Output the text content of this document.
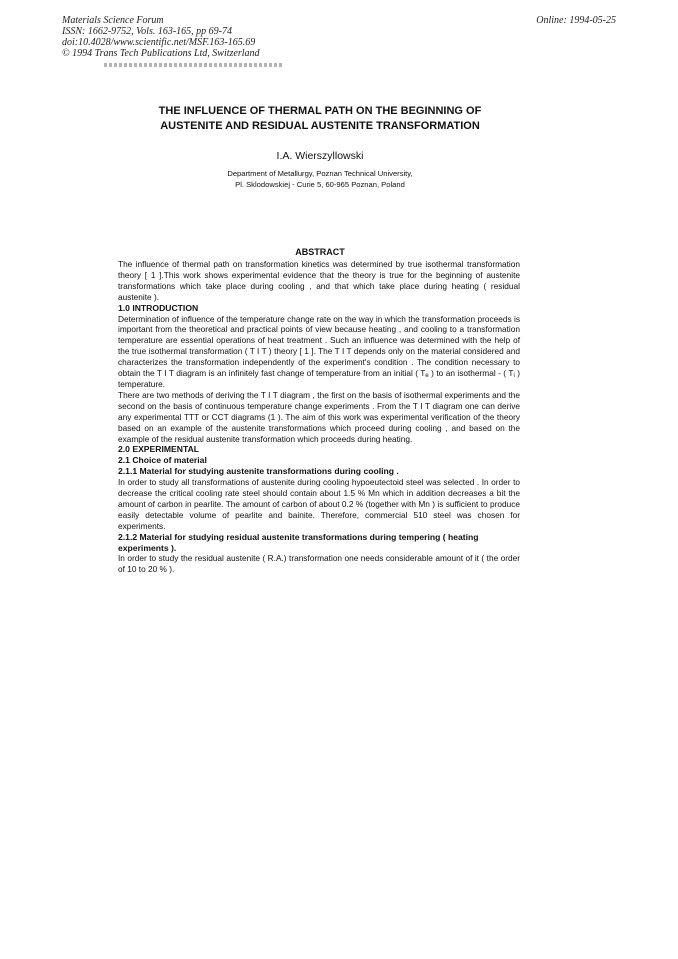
Materials Science Forum
ISSN: 1662-9752, Vols. 163-165, pp 69-74
doi:10.4028/www.scientific.net/MSF.163-165.69
© 1994 Trans Tech Publications Ltd, Switzerland
Online: 1994-05-25
THE INFLUENCE OF THERMAL PATH ON THE BEGINNING OF
AUSTENITE AND RESIDUAL AUSTENITE TRANSFORMATION

I.A. Wierszyllowski

Department of Metallurgy, Poznan Technical University,
Pl. Sklodowskiej - Curie 5, 60-965 Poznan, Poland
ABSTRACT

The influence of thermal path on transformation kinetics was determined by true isothermal transformation theory [ 1 ].This work shows experimental evidence that the theory is true for the beginning of austenite transformations which take place during cooling , and that which take place during heating ( residual austenite ).

1.0 INTRODUCTION

Determination of influence of the temperature change rate on the way in which the transformation proceeds is important from the theoretical and practical points of view because heating , and cooling to a transformation temperature are essential operations of heat treatment . Such an influence was determined with the help of the true isothermal transformation ( T I T ) theory [ 1 ]. The T I T depends only on the material considered and characterizes the transformation independently of the experiment's condition . The condition necessary to obtain the T I T diagram is an infinitely fast change of temperature from an initial ( $T_e$ ) to an isothermal - ( $T_i$ ) temperature.

There are two methods of deriving the T I T diagram , the first on the basis of isothermal experiments and the second on the basis of continuous temperature change experiments . From the T I T diagram one can derive any experimental TTT or CCT diagrams (1 ). The aim of this work was experimental verification of the theory based on an example of the austenite transformations which proceed during cooling , and based on the example of the residual austenite transformation which proceeds during heating.

2.0 EXPERIMENTAL
2.1 Choice of material
2.1.1 Material for studying austenite transformations during cooling .

In order to study all transformations of austenite during cooling hypoeutectoid steel was selected . In order to decrease the critical cooling rate steel should contain about 1.5 % Mn which in addition decreases a bit the amount of carbon in pearlite. The amount of carbon of about 0.2 % (together with Mn ) is sufficient to produce easily detectable volume of pearlite and bainite. Therefore, commercial 510 steel was chosen for experiments.

2.1.2 Material for studying residual austenite transformations during tempering ( heating experiments ).

In order to study the residual austenite ( R.A.) transformation one needs considerable amount of it ( the order of 10 to 20 % ).
